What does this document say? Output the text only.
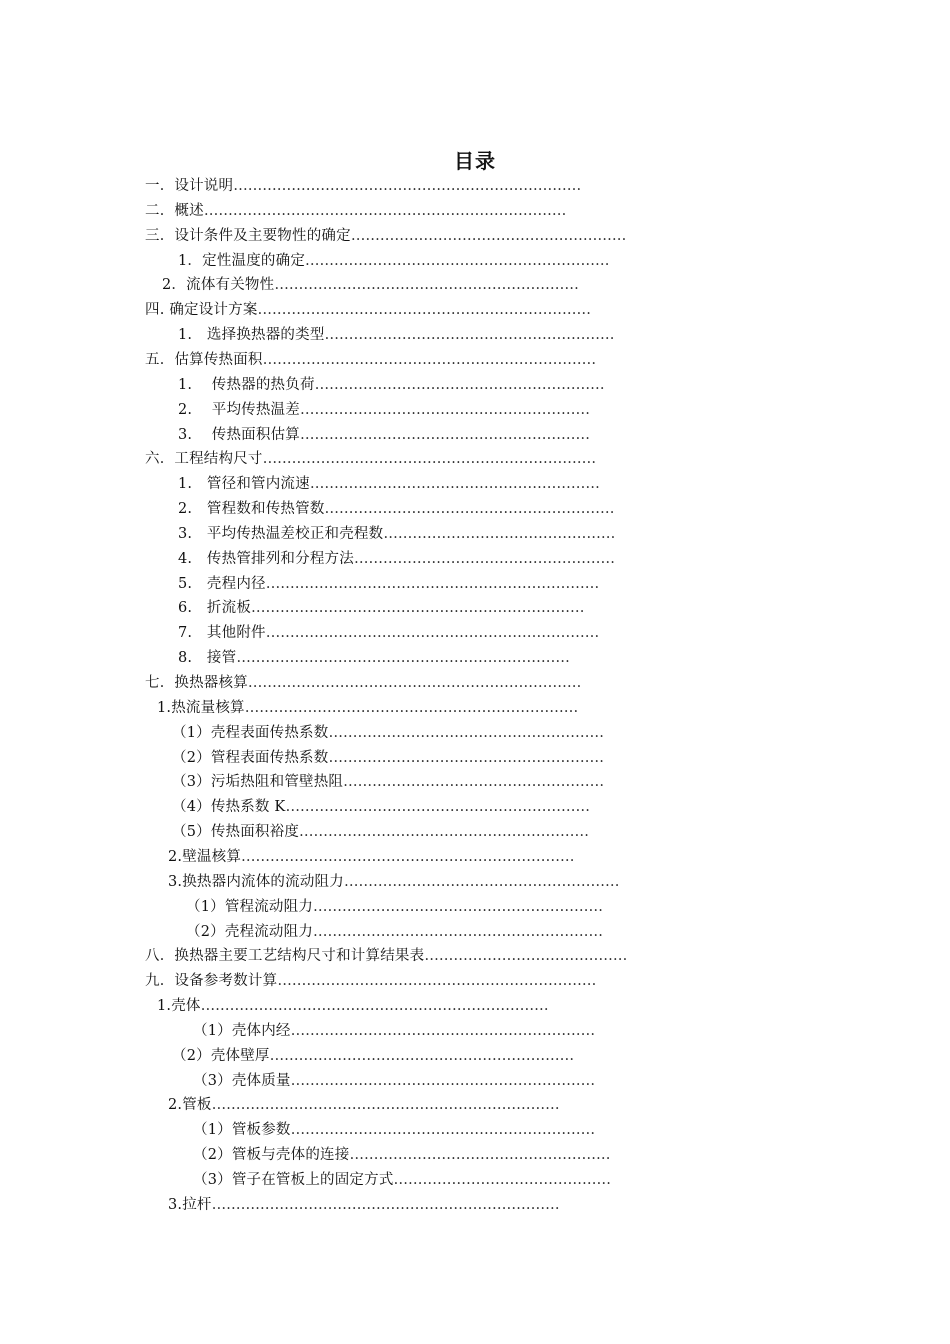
目录
一．设计说明………………………………………………………………
二．概述…………………………………………………………………
三．设计条件及主要物性的确定…………………………………………………
1．定性温度的确定………………………………………………………
2．流体有关物性………………………………………………………
四. 确定设计方案……………………………………………………………
1.　选择换热器的类型……………………………………………………
五．估算传热面积……………………………………………………………
1.　 传热器的热负荷……………………………………………………
2.　 平均传热温差……………………………………………………
3.　 传热面积估算……………………………………………………
六．工程结构尺寸……………………………………………………………
1.　管径和管内流速……………………………………………………
2.　管程数和传热管数……………………………………………………
3.　平均传热温差校正和壳程数…………………………………………
4.　传热管排列和分程方法………………………………………………
5.　壳程内径……………………………………………………………
6.　折流板……………………………………………………………
7.　其他附件……………………………………………………………
8.　接管……………………………………………………………
七．换热器核算……………………………………………………………
1.热流量核算……………………………………………………………
（1）壳程表面传热系数…………………………………………………
（2）管程表面传热系数…………………………………………………
（3）污垢热阻和管壁热阻………………………………………………
（4）传热系数 K………………………………………………………
（5）传热面积裕度……………………………………………………
2.壁温核算……………………………………………………………
3.换热器内流体的流动阻力…………………………………………………
（1）管程流动阻力……………………………………………………
（2）壳程流动阻力……………………………………………………
八．换热器主要工艺结构尺寸和计算结果表……………………………………
九．设备参考数计算…………………………………………………………
1.壳体………………………………………………………………
（1）壳体内经………………………………………………………
（2）壳体壁厚………………………………………………………
（3）壳体质量………………………………………………………
2.管板………………………………………………………………
（1）管板参数………………………………………………………
（2）管板与壳体的连接………………………………………………
（3）管子在管板上的固定方式………………………………………
3.拉杆………………………………………………………………
